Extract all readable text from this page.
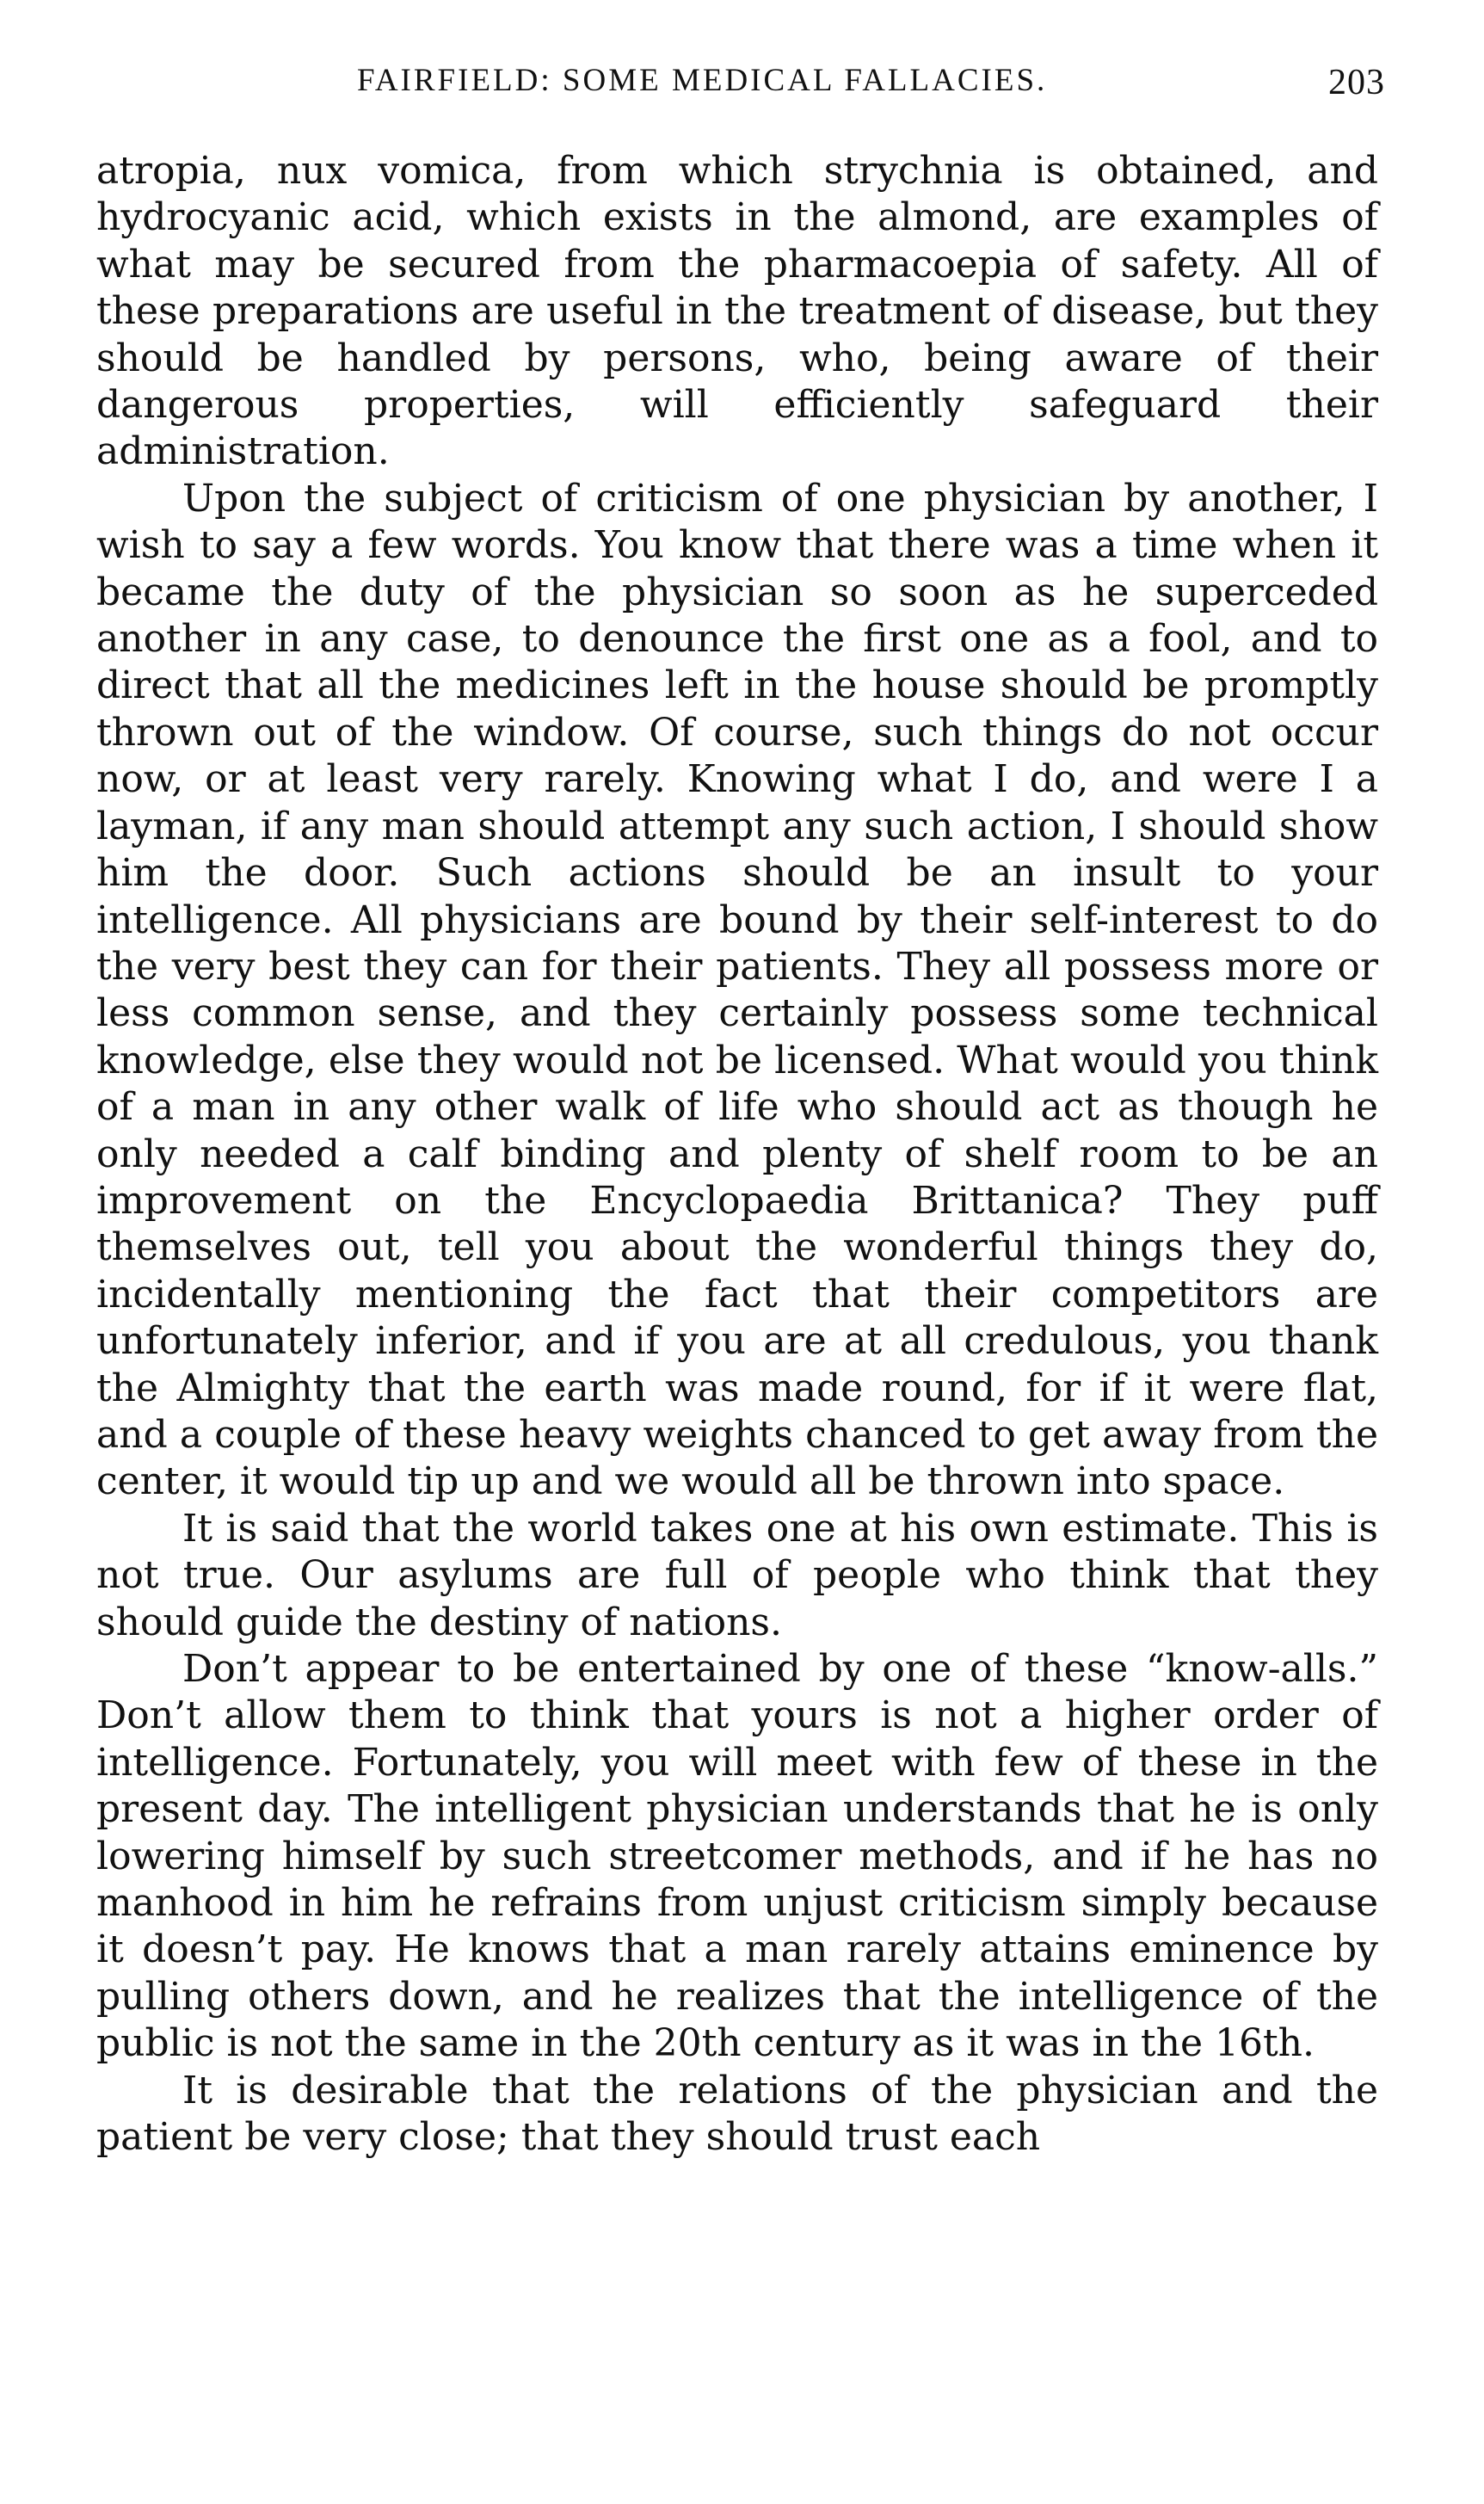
FAIRFIELD: SOME MEDICAL FALLACIES.	203

atropia, nux vomica, from which strychnia is obtained, and hydrocyanic acid, which exists in the almond, are examples of what may be secured from the pharmacoepia of safety. All of these preparations are useful in the treatment of disease, but they should be handled by persons, who, being aware of their dangerous properties, will efficiently safeguard their administration.

Upon the subject of criticism of one physician by another, I wish to say a few words. You know that there was a time when it became the duty of the physician so soon as he superceded another in any case, to denounce the first one as a fool, and to direct that all the medicines left in the house should be promptly thrown out of the window. Of course, such things do not occur now, or at least very rarely. Knowing what I do, and were I a layman, if any man should attempt any such action, I should show him the door. Such actions should be an insult to your intelligence. All physicians are bound by their self-interest to do the very best they can for their patients. They all possess more or less common sense, and they certainly possess some technical knowledge, else they would not be licensed. What would you think of a man in any other walk of life who should act as though he only needed a calf binding and plenty of shelf room to be an improvement on the Encyclopaedia Brittanica? They puff themselves out, tell you about the wonderful things they do, incidentally mentioning the fact that their competitors are unfortunately inferior, and if you are at all credulous, you thank the Almighty that the earth was made round, for if it were flat, and a couple of these heavy weights chanced to get away from the center, it would tip up and we would all be thrown into space.

It is said that the world takes one at his own estimate. This is not true. Our asylums are full of people who think that they should guide the destiny of nations.

Don’t appear to be entertained by one of these “know-alls.” Don’t allow them to think that yours is not a higher order of intelligence. Fortunately, you will meet with few of these in the present day. The intelligent physician understands that he is only lowering himself by such streetcomer methods, and if he has no manhood in him he refrains from unjust criticism simply because it doesn’t pay. He knows that a man rarely attains eminence by pulling others down, and he realizes that the intelligence of the public is not the same in the 20th century as it was in the 16th.

It is desirable that the relations of the physician and the patient be very close; that they should trust each
